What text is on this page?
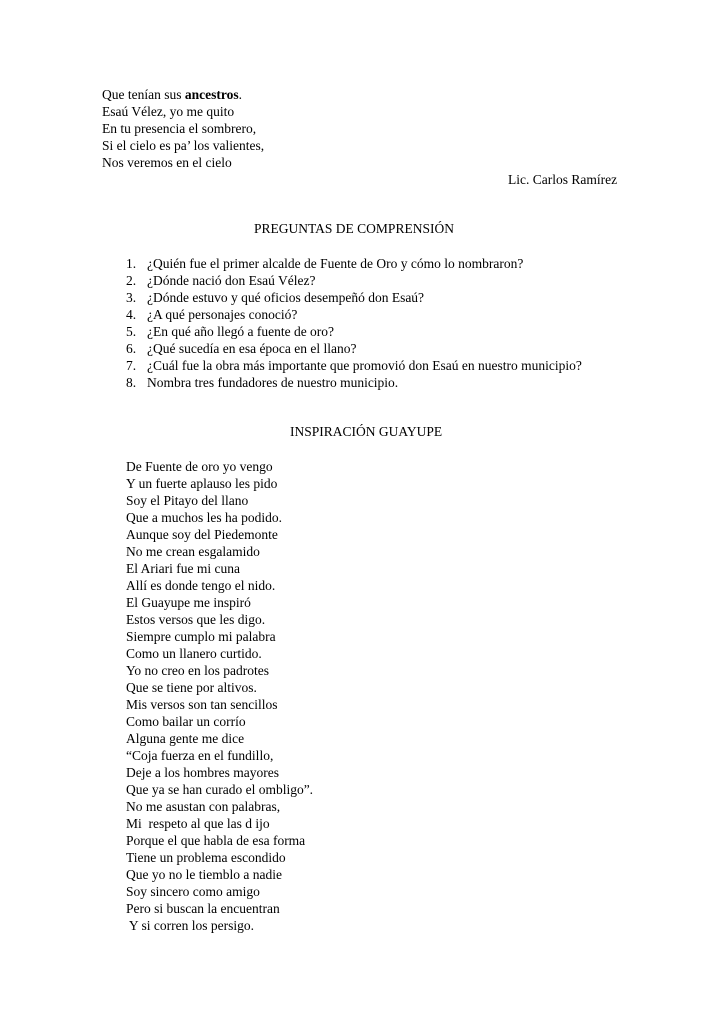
Que tenían sus ancestros.
Esaú Vélez, yo me quito
En tu presencia el sombrero,
Si el cielo es pa’ los valientes,
Nos veremos en el cielo
Lic. Carlos Ramírez
PREGUNTAS DE COMPRENSIÓN
1. ¿Quién fue el primer alcalde de Fuente de Oro y cómo lo nombraron?
2. ¿Dónde nació don Esaú Vélez?
3. ¿Dónde estuvo y qué oficios desempeñó don Esaú?
4. ¿A qué personajes conoció?
5. ¿En qué año llegó a fuente de oro?
6. ¿Qué sucedía en esa época en el llano?
7. ¿Cuál fue la obra más importante que promovió don Esaú en nuestro municipio?
8. Nombra tres fundadores de nuestro municipio.
INSPIRACIÓN GUAYUPE
De Fuente de oro yo vengo
Y un fuerte aplauso les pido
Soy el Pitayo del llano
Que a muchos les ha podido.
Aunque soy del Piedemonte
No me crean esgalamido
El Ariari fue mi cuna
Allí es donde tengo el nido.
El Guayupe me inspiró
Estos versos que les digo.
Siempre cumplo mi palabra
Como un llanero curtido.
Yo no creo en los padrotes
Que se tiene por altivos.
Mis versos son tan sencillos
Como bailar un corrío
Alguna gente me dice
“Coja fuerza en el fundillo,
Deje a los hombres mayores
Que ya se han curado el ombligo”.
No me asustan con palabras,
Mi  respeto al que las d ijo
Porque el que habla de esa forma
Tiene un problema escondido
Que yo no le tiemblo a nadie
Soy sincero como amigo
Pero si buscan la encuentran
Y si corren los persigo.
